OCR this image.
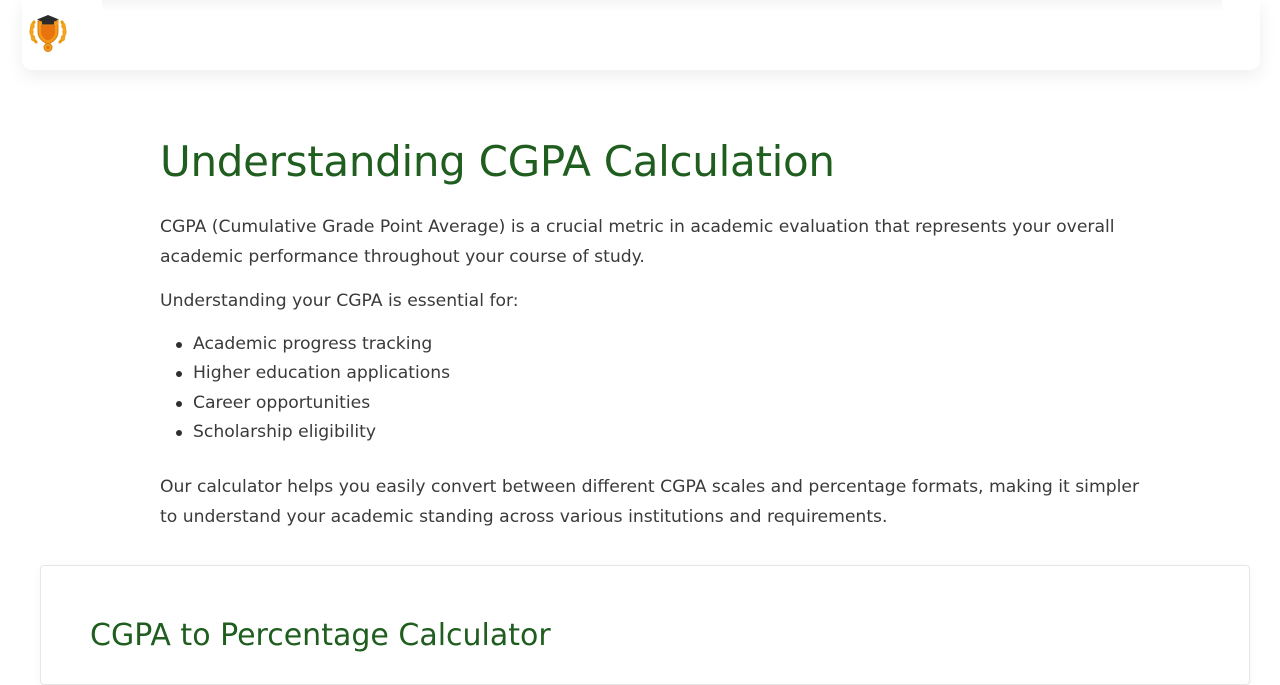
Understanding CGPA Calculation

CGPA (Cumulative Grade Point Average) is a crucial metric in academic evaluation that represents your overall academic performance throughout your course of study.

Understanding your CGPA is essential for:

Academic progress tracking
Higher education applications
Career opportunities
Scholarship eligibility

Our calculator helps you easily convert between different CGPA scales and percentage formats, making it simpler to understand your academic standing across various institutions and requirements.

CGPA to Percentage Calculator
